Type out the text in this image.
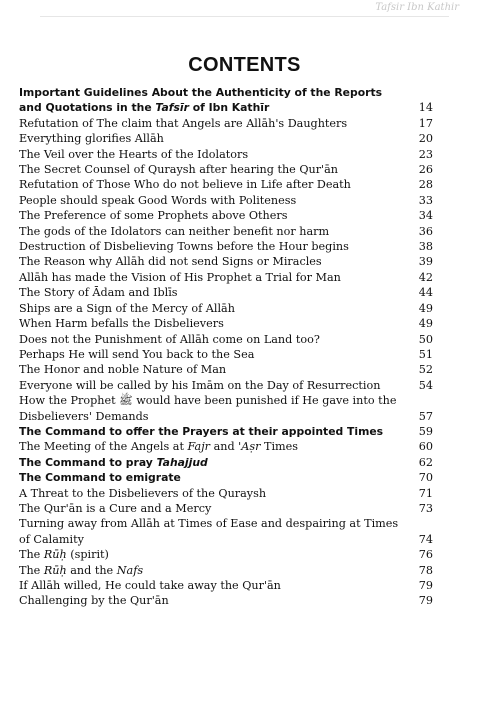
Tafsir Ibn Kathir
CONTENTS
Important Guidelines About the Authenticity of the Reports and Quotations in the Tafsīr of Ibn Kathīr	14
Refutation of The claim that Angels are Allāh's Daughters	17
Everything glorifies Allāh	20
The Veil over the Hearts of the Idolators	23
The Secret Counsel of Quraysh after hearing the Qur'ān	26
Refutation of Those Who do not believe in Life after Death	28
People should speak Good Words with Politeness	33
The Preference of some Prophets above Others	34
The gods of the Idolators can neither benefit nor harm	36
Destruction of Disbelieving Towns before the Hour begins	38
The Reason why Allāh did not send Signs or Miracles	39
Allāh has made the Vision of His Prophet a Trial for Man	42
The Story of Ādam and Iblīs	44
Ships are a Sign of the Mercy of Allāh	49
When Harm befalls the Disbelievers	49
Does not the Punishment of Allāh come on Land too?	50
Perhaps He will send You back to the Sea	51
The Honor and noble Nature of Man	52
Everyone will be called by his Imām on the Day of Resurrection	54
How the Prophet ﷺ would have been punished if He gave into the Disbelievers' Demands	57
The Command to offer the Prayers at their appointed Times	59
The Meeting of the Angels at Fajr and 'Aṣr Times	60
The Command to pray Tahajjud	62
The Command to emigrate	70
A Threat to the Disbelievers of the Quraysh	71
The Qur'ān is a Cure and a Mercy	73
Turning away from Allāh at Times of Ease and despairing at Times of Calamity	74
The Rūḥ (spirit)	76
The Rūḥ and the Nafs	78
If Allāh willed, He could take away the Qur'ān	79
Challenging by the Qur'ān	79
